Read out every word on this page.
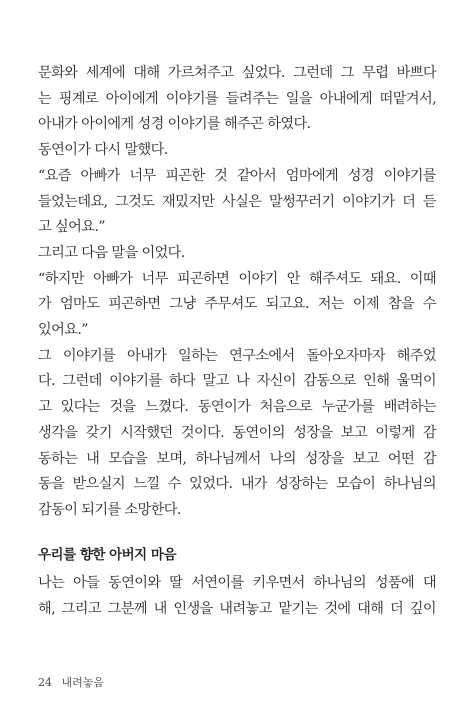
문화와 세계에 대해 가르쳐주고 싶었다. 그런데 그 무렵 바쁘다
는 핑계로 아이에게 이야기를 들려주는 일을 아내에게 떠맡겨서,
아내가 아이에게 성경 이야기를 해주곤 하였다.
동연이가 다시 말했다.
“요즘 아빠가 너무 피곤한 것 같아서 엄마에게 성경 이야기를
들었는데요, 그것도 재밌지만 사실은 말썽꾸러기 이야기가 더 듣
고 싶어요.”
그리고 다음 말을 이었다.
“하지만 아빠가 너무 피곤하면 이야기 안 해주셔도 돼요. 이때
가 엄마도 피곤하면 그냥 주무셔도 되고요. 저는 이제 참을 수
있어요.”
그 이야기를 아내가 일하는 연구소에서 돌아오자마자 해주었
다. 그런데 이야기를 하다 말고 나 자신이 감동으로 인해 울먹이
고 있다는 것을 느꼈다. 동연이가 처음으로 누군가를 배려하는
생각을 갖기 시작했던 것이다. 동연이의 성장을 보고 이렇게 감
동하는 내 모습을 보며, 하나님께서 나의 성장을 보고 어떤 감
동을 받으실지 느낄 수 있었다. 내가 성장하는 모습이 하나님의
감동이 되기를 소망한다.
우리를 향한 아버지 마음
나는 아들 동연이와 딸 서연이를 키우면서 하나님의 성품에 대
해, 그리고 그분께 내 인생을 내려놓고 맡기는 것에 대해 더 깊이
24 내려놓음
